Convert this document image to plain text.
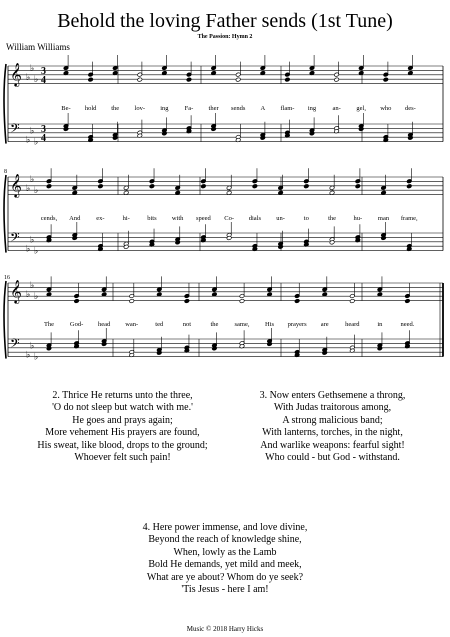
Behold the loving Father sends (1st Tune)
The Passion: Hymn 2
William Williams
𝄞
𝄢
♭
♭
♭
♭
♭
♭
3
3
4
4
Be- hold the lov- ing Fa- ther sends A flam- ing	an- gel, who des-
𝄞
𝄢
♭
♭
♭
♭
♭
♭
8
cends, And ex-	hi-	bits with speed Co- dials un-	to	the	hu- man frame,
𝄞
𝄢
♭
♭
♭
♭
♭
♭
16
The God- head wan-	ted	not	the same, His prayers are	heard	in	need.
2. Thrice He returns unto the three,
'O do not sleep but watch with me.'
He goes and prays again;
More vehement His prayers are found,
His sweat, like blood, drops to the ground;
Whoever felt such pain!
3. Now enters Gethsemene a throng,
With Judas traitorous among,
A strong malicious band;
With lanterns, torches, in the night,
And warlike weapons: fearful sight!
Who could - but God - withstand.
4. Here power immense, and love divine,
Beyond the reach of knowledge shine,
When, lowly as the Lamb
Bold He demands, yet mild and meek,
What are ye about? Whom do ye seek?
'Tis Jesus - here I am!
Music © 2018 Harry Hicks
